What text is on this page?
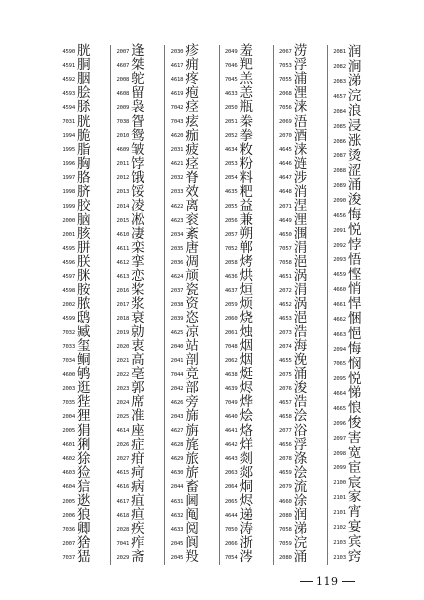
4590 胱
4591 胴
4592 胭
4593 脍
4594 脎
7031 胱
1994 脆
1995 脂
1996 胸
1997 胳
1998 脐
1999 胶
2000 脑
2001 胲
4595 胼
4596 朕
4597 脒
4598 胺
2002 脓
4599 鸱
7032 臧
7033 玺
7034 鲖
4600 鸲
2003 逛
7035 狴
2004 狸
2005 狷
4601 猁
4602 狳
4603 猃
4604 狺
2005 逖
2006 狼
7036 卿
2007 猞
7037 峱
2007 逢
4607 桀
2008 鸵
4608 留
2009 袅
7038 眢
2010 鸳
4609 皱
2011 饽
2012 饿
2013 馁
2014 凌
2015 凇
4610 凄
4611 栾
4612 挛
4613 恋
2016 桨
2017 浆
2018 衰
2019 勍
2020 衷
2021 高
2022 亳
2023 郭
2024 席
2025 准
4614 座
2026 症
2027 疳
4615 疴
4616 病
4617 疽
4618 疸
2028 疾
7041 痄
2029 斋
2030 疹
4617 痈
4618 疼
4619 疱
7042 痉
7043 痃
4620 痂
2031 疲
4621 痉
2032 脊
2033 效
4622 离
4623 衮
2034 紊
2035 唐
2036 凋
4624 颃
2037 瓷
2038 资
2039 恣
4625 凉
2040 站
2041 剖
7044 竞
2042 部
4626 旁
2043 旆
4627 旃
4628 旄
4629 旅
4630 旂
2044 畜
4631 阃
4632 阄
4633 阅
2045 阆
2045 羖
2049 羞
7046 羓
7045 羔
4633 恙
2050 瓶
2051 桊
2052 拳
4634 敉
2053 粉
2054 料
4635 粑
2055 益
2056 兼
2057 朔
7052 郸
2058 烤
4636 烘
4637 烜
2059 烦
2060 烧
2061 烛
7048 烟
2062 烟
4638 烶
4639 烬
7049 烨
4640 烩
4641 烙
4642 烊
4643 剡
2063 郯
2064 烔
2065 烬
4644 递
7050 涛
2066 浙
7054 涔
2067 涝
7053 浮
7055 浦
2068 浬
7056 涞
2069 浯
2070 酒
4645 涞
4646 涟
4647 涉
4648 消
2071 涅
4649 浬
4650 涠
7057 涓
7058 浥
4651 涡
2072 涓
4652 涡
4653 浥
2073 浩
2074 海
4655 浼
2075 涌
2076 浚
4657 浩
4658 浍
2077 浴
4656 浮
2078 涤
4659 浍
2079 流
4660 涂
2080 润
7058 涕
7059 浣
2080 涌
2081 润
2082 涧
2083 涕
4657 浣
2084 浪
2085 浸
2086 涨
2087 烫
2088 涩
2089 涌
2090 浚
4656 悔
2091 悦
2092 悖
2093 悟
4659 悭
4660 悄
4661 悍
4662 悃
4663 悒
2094 悔
7065 悯
2095 悦
4664 悌
4665 悢
2096 悛
2097 害
2098 宽
2099 宦
2100 宸
2101 家
2101 宵
2102 宴
2103 宾
2103 窍
119
